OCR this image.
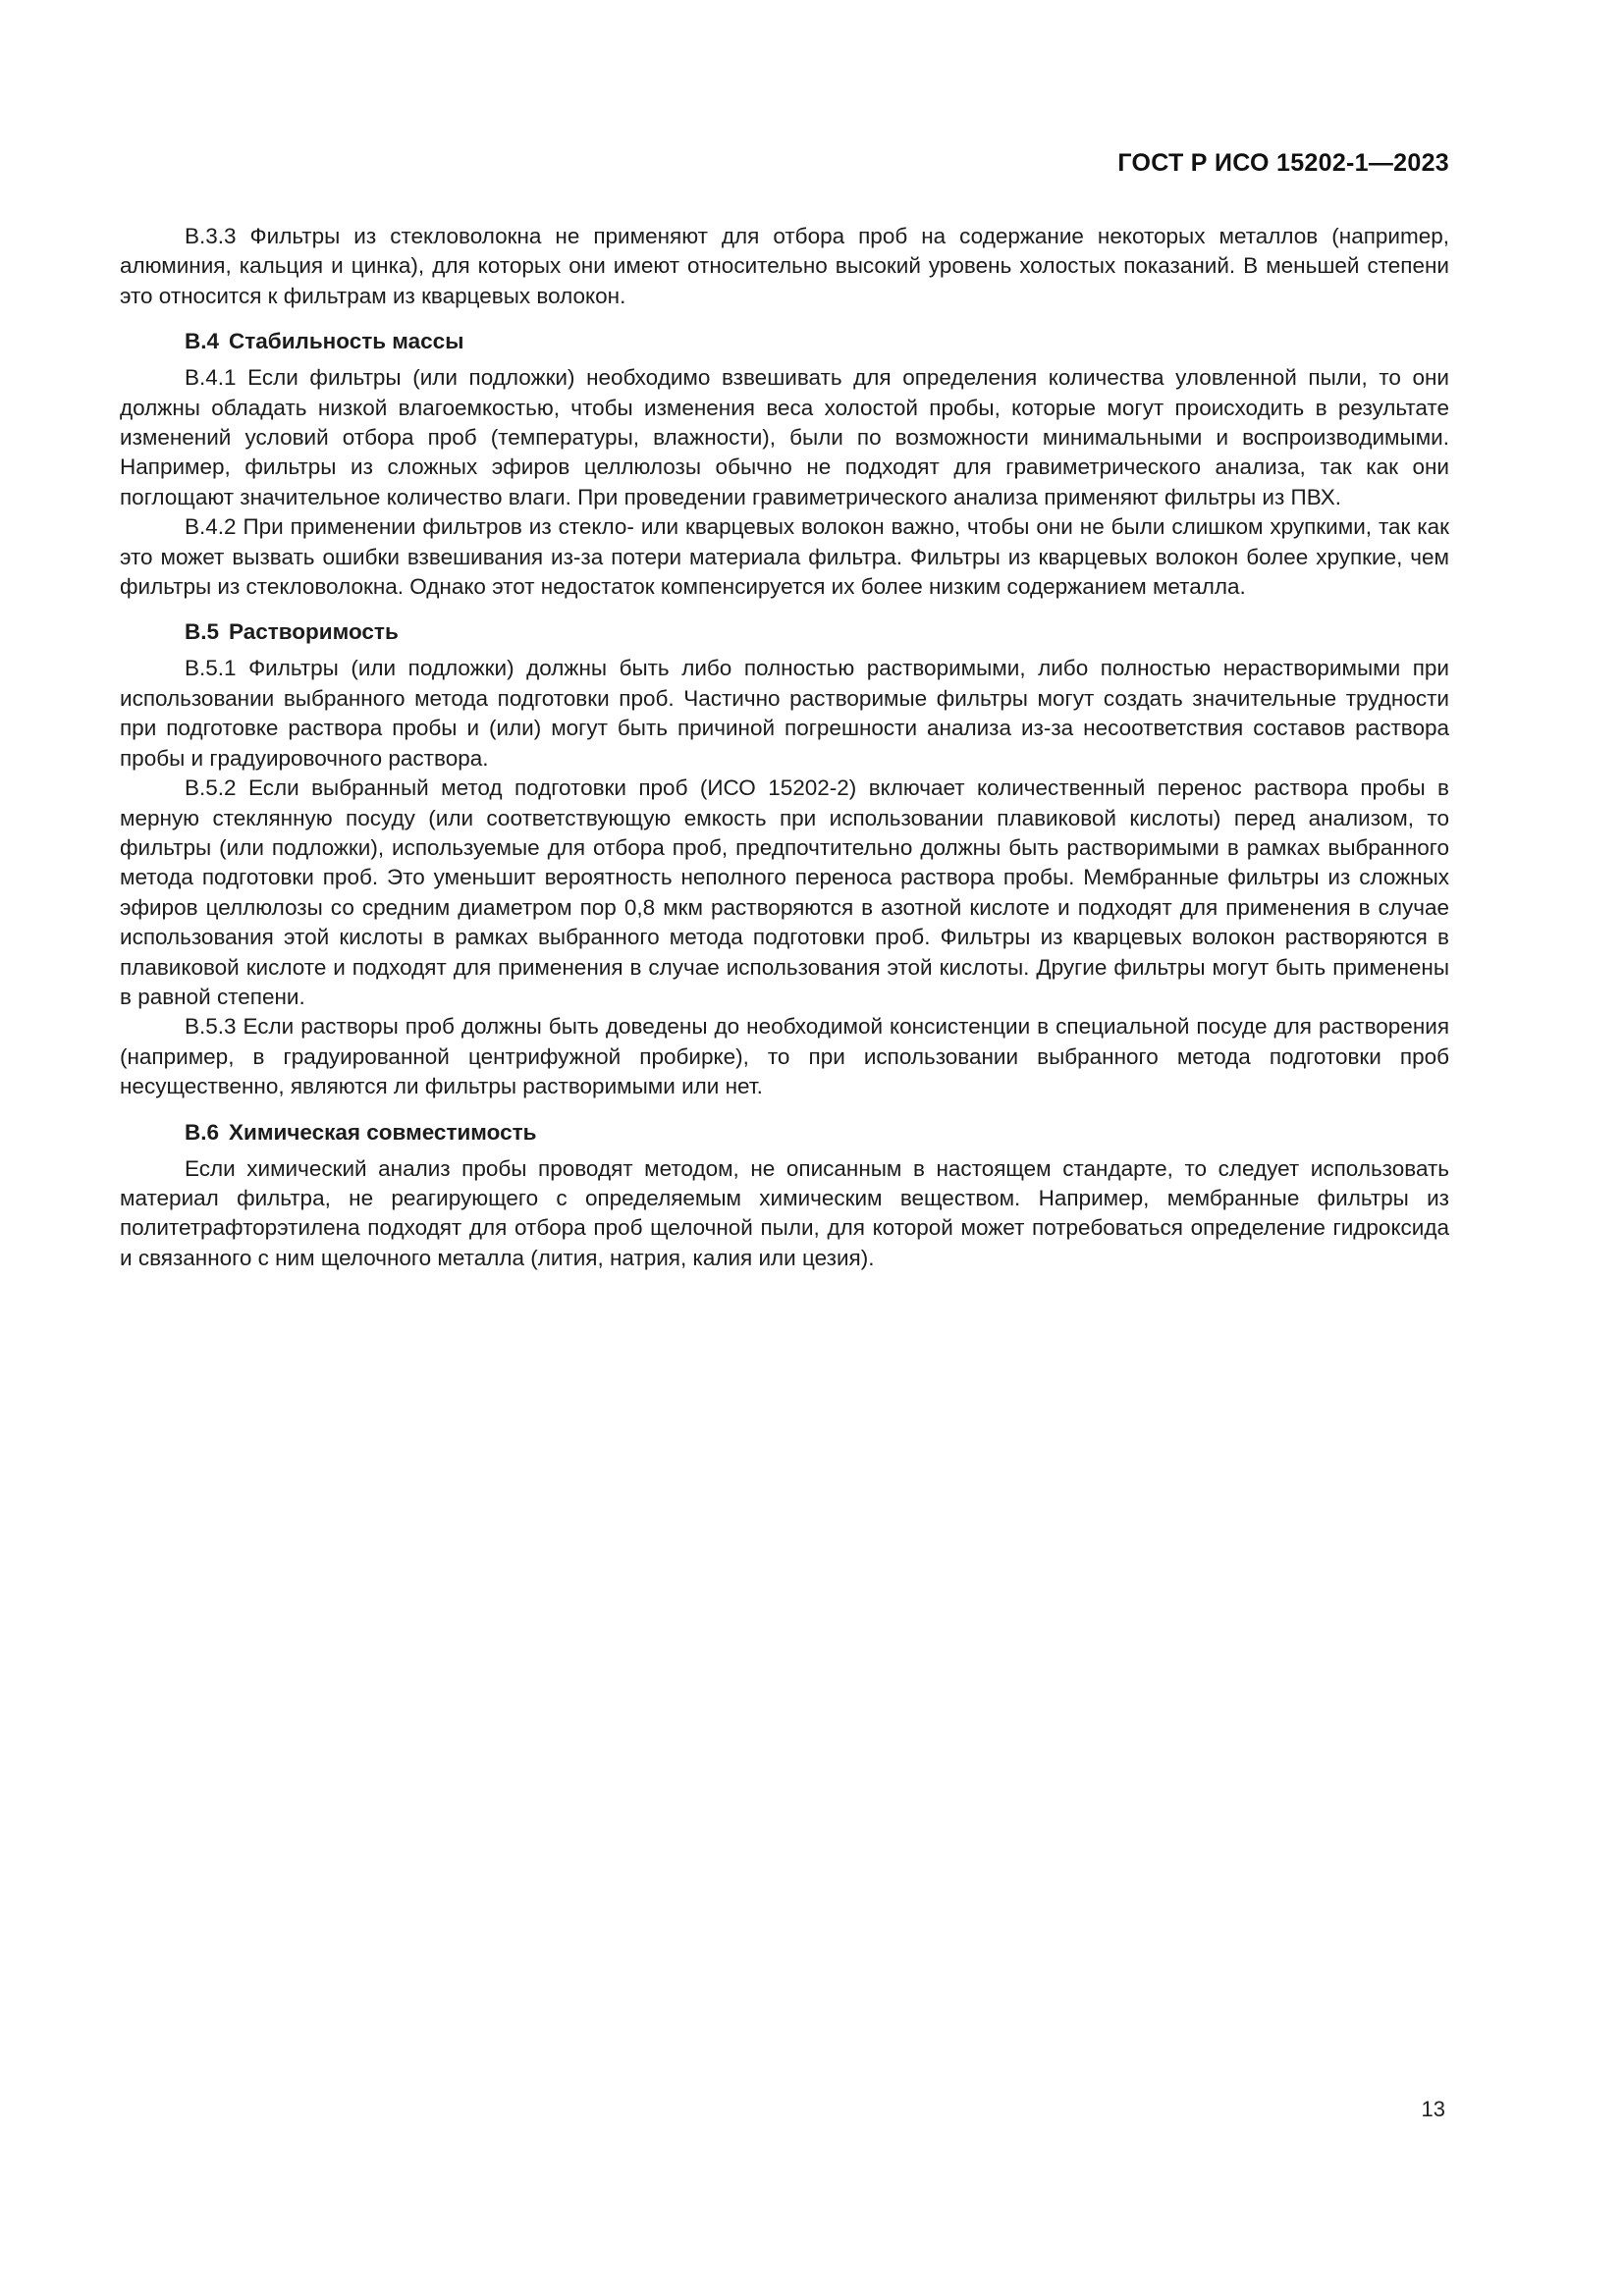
ГОСТ Р ИСО 15202-1—2023

B.3.3 Фильтры из стекловолокна не применяют для отбора проб на содержание некоторых металлов (наприmер, алюминия, кальция и цинка), для которых они имеют относительно высокий уровень холостых показаний. В меньшей степени это относится к фильтрам из кварцевых волокон.

B.4 Стабильность массы

B.4.1 Если фильтры (или подложки) необходимо взвешивать для определения количества уловленной пыли, то они должны обладать низкой влагоемкостью, чтобы изменения веса холостой пробы, которые могут происходить в результате изменений условий отбора проб (температуры, влажности), были по возможности минимальными и воспроизводимыми. Например, фильтры из сложных эфиров целлюлозы обычно не подходят для гравиметрического анализа, так как они поглощают значительное количество влаги. При проведении гравиметрического анализа применяют фильтры из ПВХ.

B.4.2 При применении фильтров из стекло- или кварцевых волокон важно, чтобы они не были слишком хрупкими, так как это может вызвать ошибки взвешивания из-за потери материала фильтра. Фильтры из кварцевых волокон более хрупкие, чем фильтры из стекловолокна. Однако этот недостаток компенсируется их более низким содержанием металла.

B.5 Растворимость

B.5.1 Фильтры (или подложки) должны быть либо полностью растворимыми, либо полностью нерастворимыми при использовании выбранного метода подготовки проб. Частично растворимые фильтры могут создать значительные трудности при подготовке раствора пробы и (или) могут быть причиной погрешности анализа из-за несоответствия составов раствора пробы и градуировочного раствора.

B.5.2 Если выбранный метод подготовки проб (ИСО 15202-2) включает количественный перенос раствора пробы в мерную стеклянную посуду (или соответствующую емкость при использовании плавиковой кислоты) перед анализом, то фильтры (или подложки), используемые для отбора проб, предпочтительно должны быть растворимыми в рамках выбранного метода подготовки проб. Это уменьшит вероятность неполного переноса раствора пробы. Мембранные фильтры из сложных эфиров целлюлозы со средним диаметром пор 0,8 мкм растворяются в азотной кислоте и подходят для применения в случае использования этой кислоты в рамках выбранного метода подготовки проб. Фильтры из кварцевых волокон растворяются в плавиковой кислоте и подходят для применения в случае использования этой кислоты. Другие фильтры могут быть применены в равной степени.

B.5.3 Если растворы проб должны быть доведены до необходимой консистенции в специальной посуде для растворения (например, в градуированной центрифужной пробирке), то при использовании выбранного метода подготовки проб несущественно, являются ли фильтры растворимыми или нет.

B.6 Химическая совместимость

Если химический анализ пробы проводят методом, не описанным в настоящем стандарте, то следует использовать материал фильтра, не реагирующего с определяемым химическим веществом. Например, мембранные фильтры из политетрафторэтилена подходят для отбора проб щелочной пыли, для которой может потребоваться определение гидроксида и связанного с ним щелочного металла (лития, натрия, калия или цезия).

13
